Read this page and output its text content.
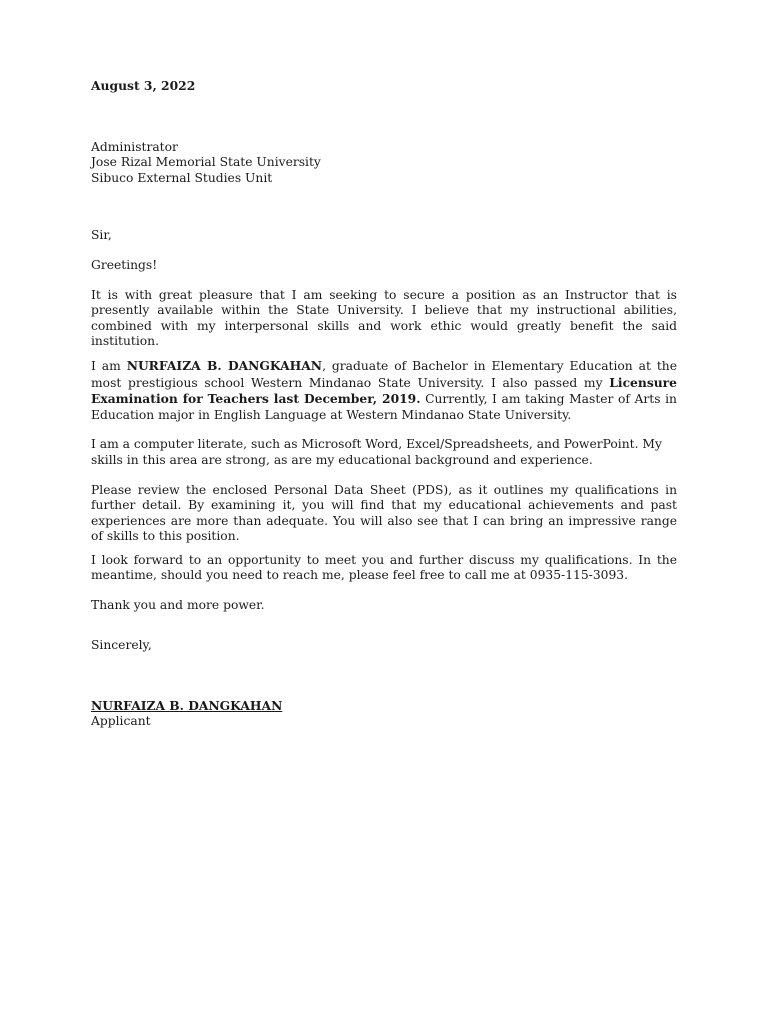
August 3, 2022
Administrator
Jose Rizal Memorial State University
Sibuco External Studies Unit
Sir,
Greetings!

It is with great pleasure that I am seeking to secure a position as an Instructor that is presently available within the State University. I believe that my instructional abilities, combined with my interpersonal skills and work ethic would greatly benefit the said institution.

I am NURFAIZA B. DANGKAHAN, graduate of Bachelor in Elementary Education at the most prestigious school Western Mindanao State University. I also passed my Licensure Examination for Teachers last December, 2019. Currently, I am taking Master of Arts in Education major in English Language at Western Mindanao State University.

I am a computer literate, such as Microsoft Word, Excel/Spreadsheets, and PowerPoint. My
skills in this area are strong, as are my educational background and experience.

Please review the enclosed Personal Data Sheet (PDS), as it outlines my qualifications in further detail. By examining it, you will find that my educational achievements and past experiences are more than adequate. You will also see that I can bring an impressive range of skills to this position.

I look forward to an opportunity to meet you and further discuss my qualifications. In the meantime, should you need to reach me, please feel free to call me at 0935-115-3093.

Thank you and more power.
Sincerely,
NURFAIZA B. DANGKAHAN
Applicant
